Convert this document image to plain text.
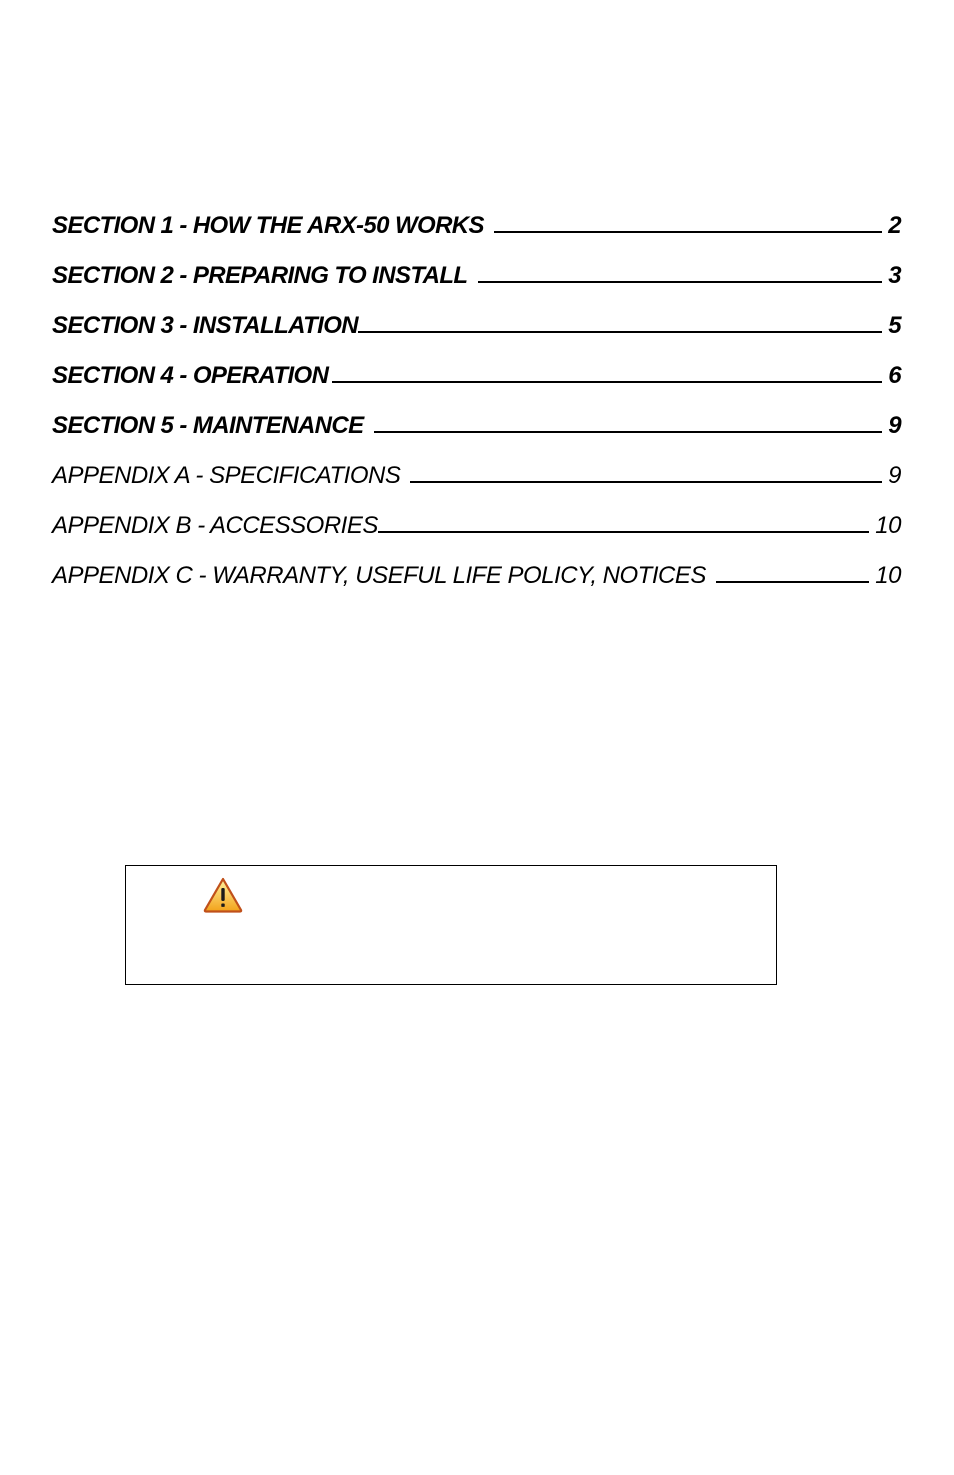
SECTION 1 - HOW THE ARX-50 WORKS	2
SECTION 2 - PREPARING TO INSTALL	3
SECTION 3 - INSTALLATION	5
SECTION 4 - OPERATION	6
SECTION 5 - MAINTENANCE	9
APPENDIX A - SPECIFICATIONS	9
APPENDIX B - ACCESSORIES	10
APPENDIX C - WARRANTY, USEFUL LIFE POLICY, NOTICES	10
